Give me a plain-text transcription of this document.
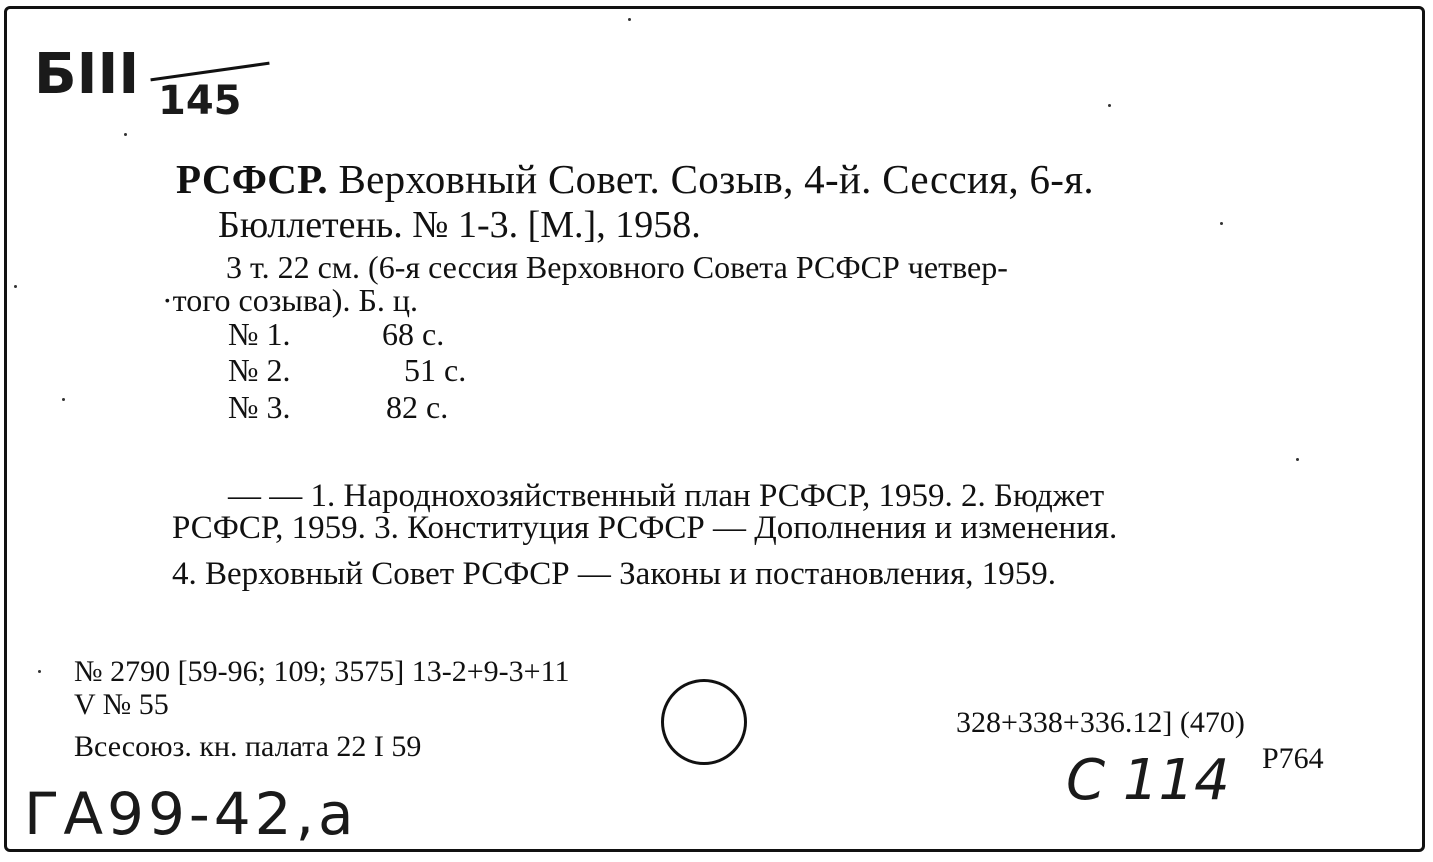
БIII 145
РСФСР. Верховный Совет. Созыв, 4-й. Сессия, 6-я.
Бюллетень. № 1-3. [М.], 1958.
3 т. 22 см. (6-я сессия Верховного Совета РСФСР четвер-
·того созыва). Б. ц.
№ 1.	68 с.
№ 2.	51 с.
№ 3.	82 с.
— — 1. Народнохозяйственный план РСФСР, 1959. 2. Бюджет
РСФСР, 1959. 3. Конституция РСФСР — Дополнения и изменения.
4. Верховный Совет РСФСР — Законы и постановления, 1959.
№ 2790 [59-96; 109; 3575] 13-2+9-3+11
V № 55
Всесоюз. кн. палата 22 I 59
328+338+336.12] (470)
Р764
С 114
ГА99-42,а
